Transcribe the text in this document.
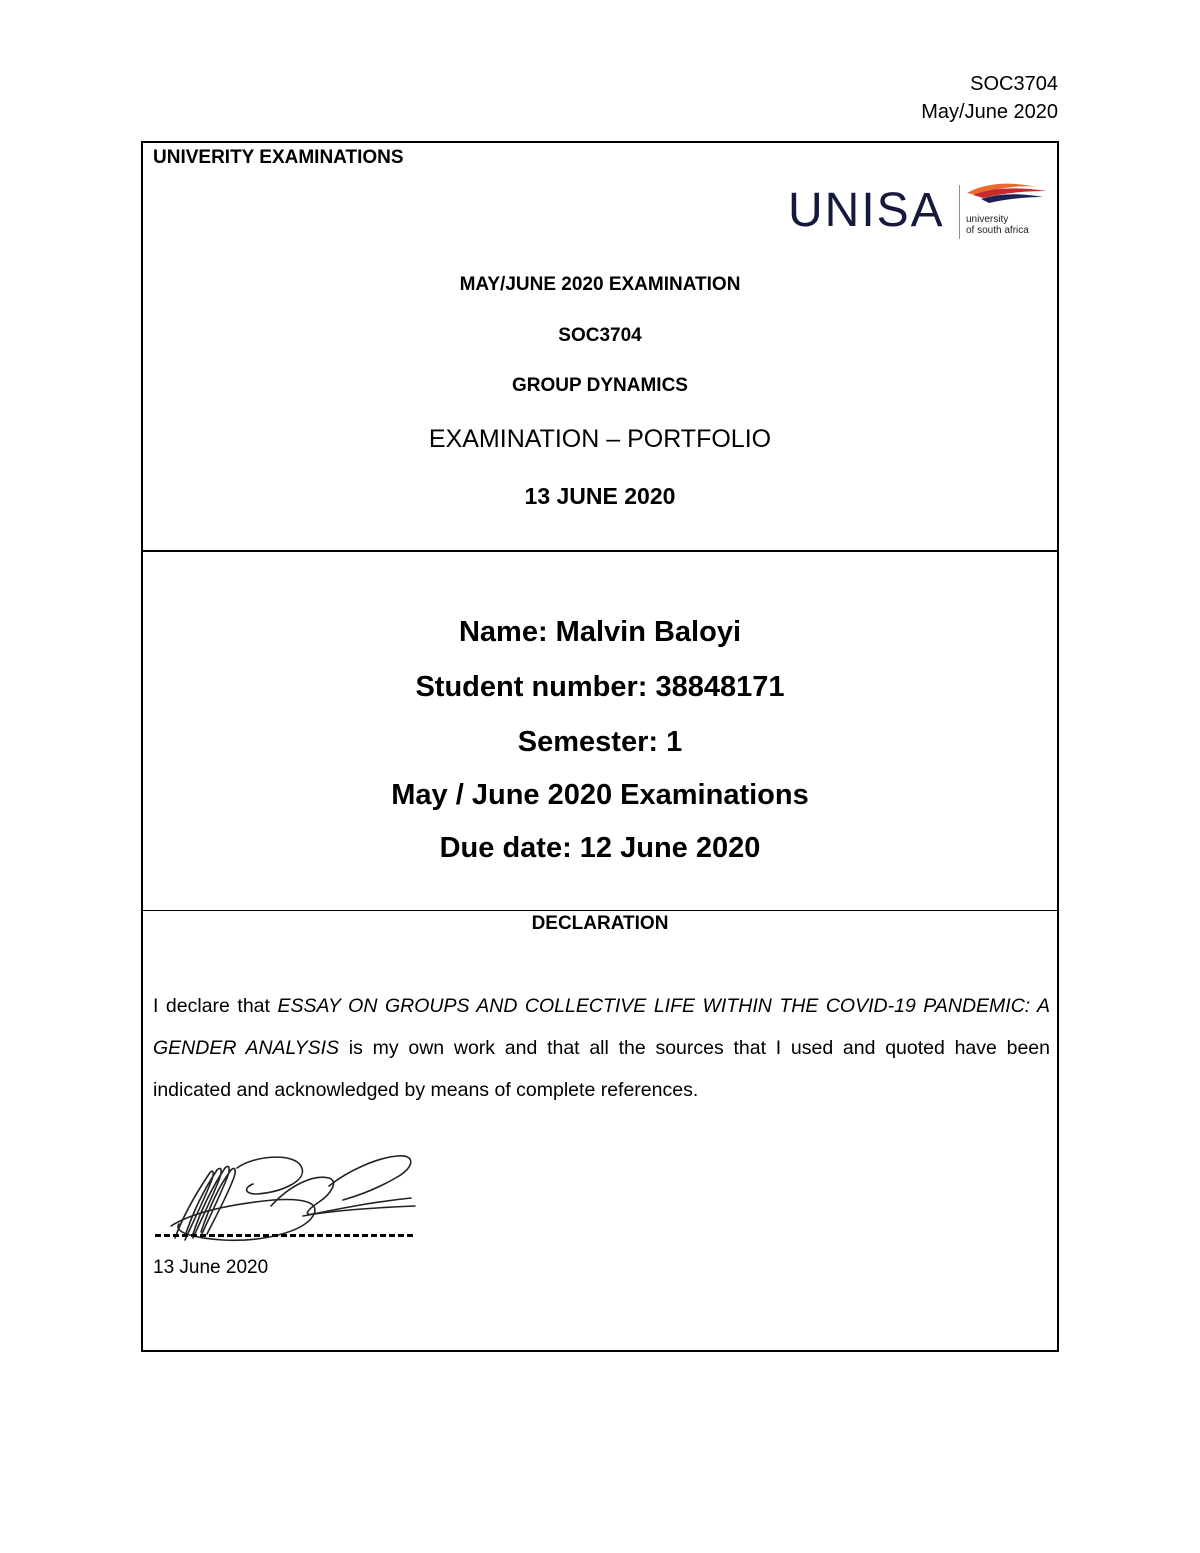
SOC3704
May/June 2020
UNIVERITY EXAMINATIONS
UNISA university
of south africa
MAY/JUNE 2020 EXAMINATION
SOC3704
GROUP DYNAMICS
EXAMINATION – PORTFOLIO
13 JUNE 2020
Name: Malvin Baloyi
Student number: 38848171
Semester: 1
May / June 2020 Examinations
Due date: 12 June 2020
DECLARATION
I declare that ESSAY ON GROUPS AND COLLECTIVE LIFE WITHIN THE COVID-19 PANDEMIC: A GENDER ANALYSIS is my own work and that all the sources that I used and quoted have been indicated and acknowledged by means of complete references.
13 June 2020
